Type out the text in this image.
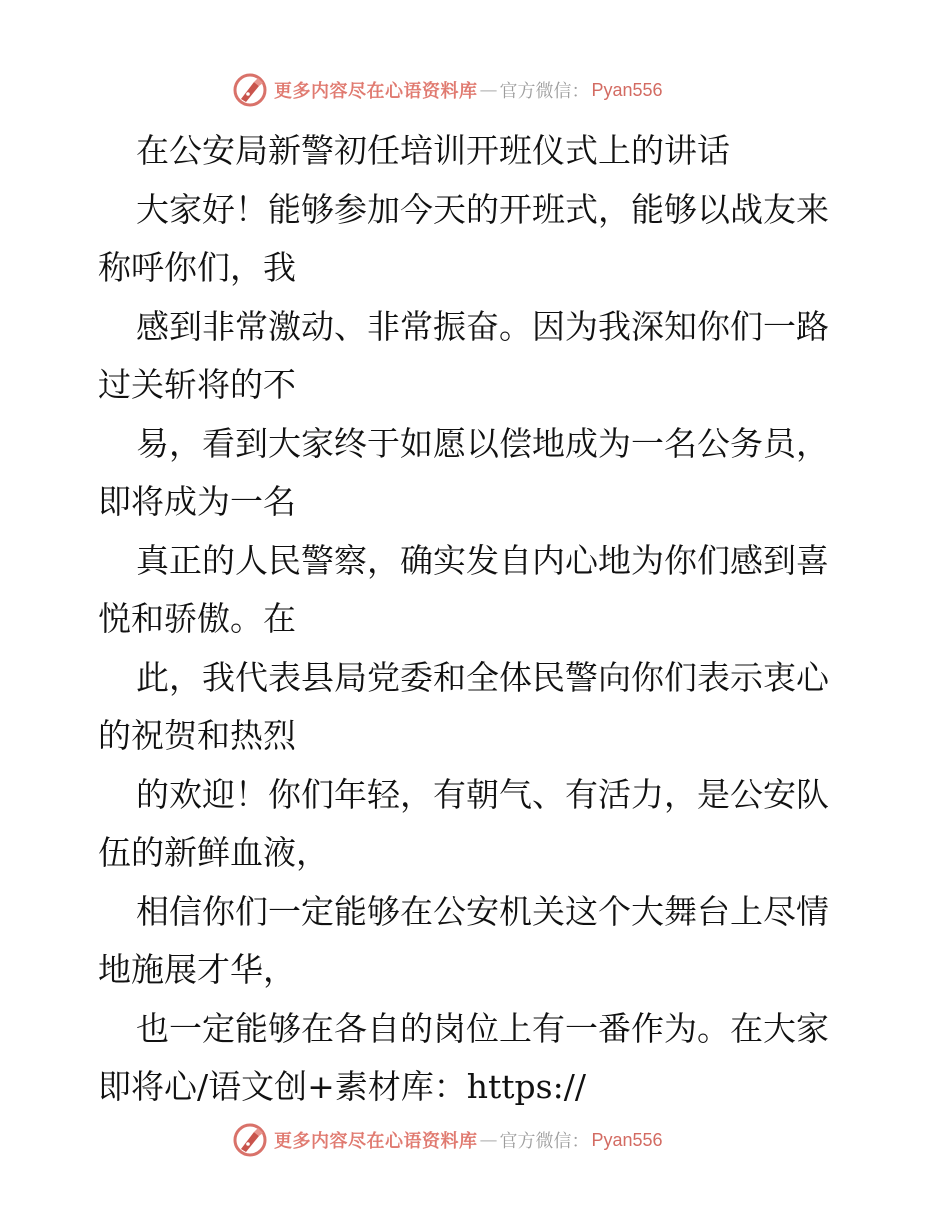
更多内容尽在心语资料库 — 官方微信： Pyan556
在公安局新警初任培训开班仪式上的讲话
大家好！能够参加今天的开班式，能够以战友来
称呼你们，我
感到非常激动、非常振奋。因为我深知你们一路
过关斩将的不
易，看到大家终于如愿以偿地成为一名公务员，
即将成为一名
真正的人民警察，确实发自内心地为你们感到喜
悦和骄傲。在
此，我代表县局党委和全体民警向你们表示衷心
的祝贺和热烈
的欢迎！你们年轻，有朝气、有活力，是公安队
伍的新鲜血液，
相信你们一定能够在公安机关这个大舞台上尽情
地施展才华，
也一定能够在各自的岗位上有一番作为。在大家
即将心/语文创+素材库：https://
更多内容尽在心语资料库 — 官方微信： Pyan556
